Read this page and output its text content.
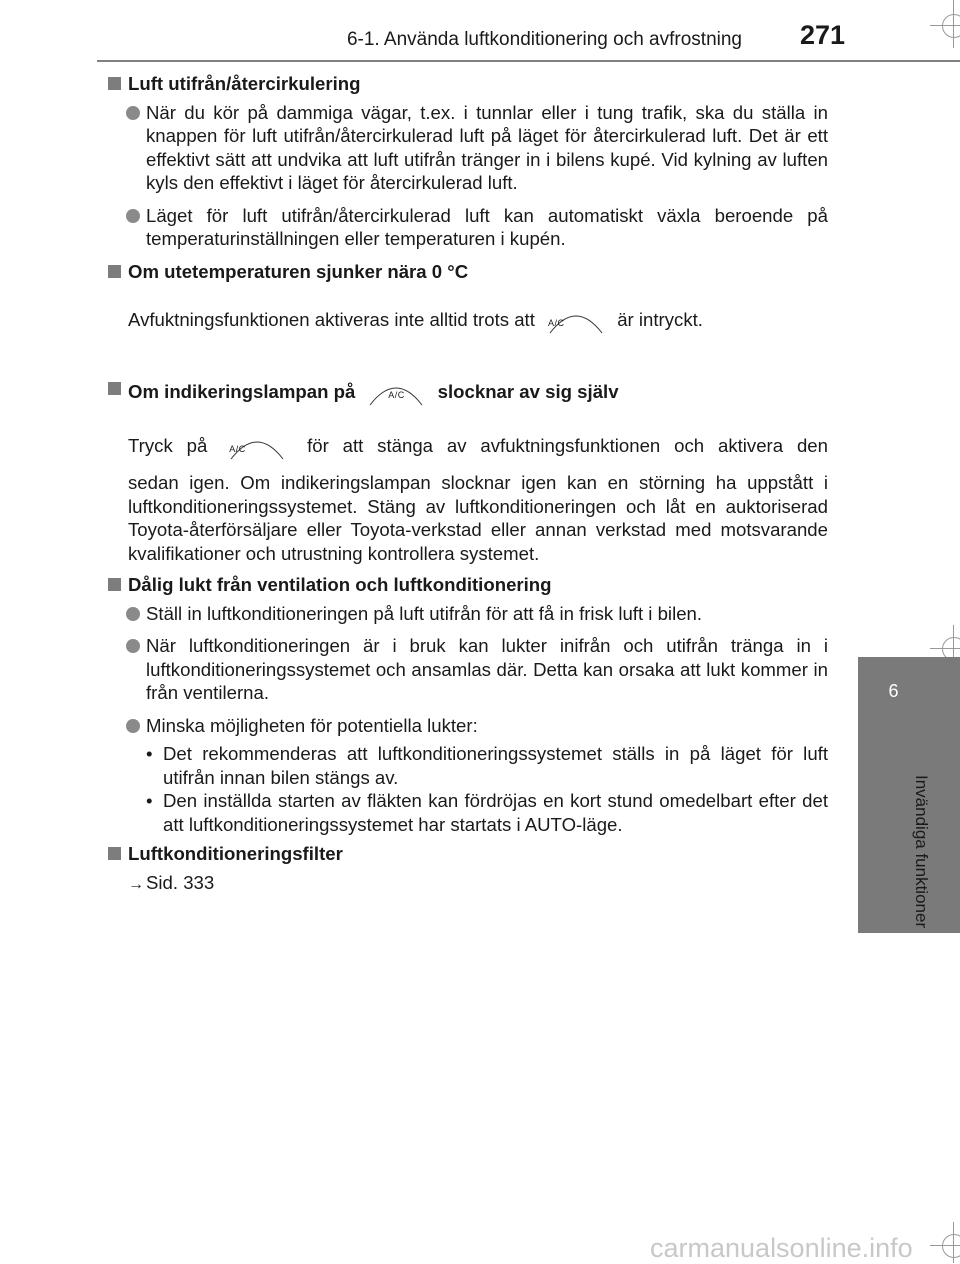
6-1. Använda luftkonditionering och avfrostning 271
6
Invändiga funktioner
Luft utifrån/återcirkulering
När du kör på dammiga vägar, t.ex. i tunnlar eller i tung trafik, ska du ställa in knappen för luft utifrån/återcirkulerad luft på läget för återcirkulerad luft. Det är ett effektivt sätt att undvika att luft utifrån tränger in i bilens kupé. Vid kylning av luften kyls den effektivt i läget för återcirkulerad luft.
Läget för luft utifrån/återcirkulerad luft kan automatiskt växla beroende på temperaturinställningen eller temperaturen i kupén.
Om utetemperaturen sjunker nära 0 °C
Avfuktningsfunktionen aktiveras inte alltid trots att A/C	är intryckt.
Om indikeringslampan på	A/C	slocknar av sig själv
Tryck på A/C	för att stänga av avfuktningsfunktionen och aktivera den
sedan igen. Om indikeringslampan slocknar igen kan en störning ha uppstått i luftkonditioneringssystemet. Stäng av luftkonditioneringen och låt en auktoriserad Toyota-återförsäljare eller Toyota-verkstad eller annan verkstad med motsvarande kvalifikationer och utrustning kontrollera systemet.
Dålig lukt från ventilation och luftkonditionering
Ställ in luftkonditioneringen på luft utifrån för att få in frisk luft i bilen.
När luftkonditioneringen är i bruk kan lukter inifrån och utifrån tränga in i luftkonditioneringssystemet och ansamlas där. Detta kan orsaka att lukt kommer in från ventilerna.
Minska möjligheten för potentiella lukter:
• Det rekommenderas att luftkonditioneringssystemet ställs in på läget för luft utifrån innan bilen stängs av.
• Den inställda starten av fläkten kan fördröjas en kort stund omedelbart efter det att luftkonditioneringssystemet har startats i AUTO-läge.
Luftkonditioneringsfilter
→ Sid. 333
carmanualsonline.info
